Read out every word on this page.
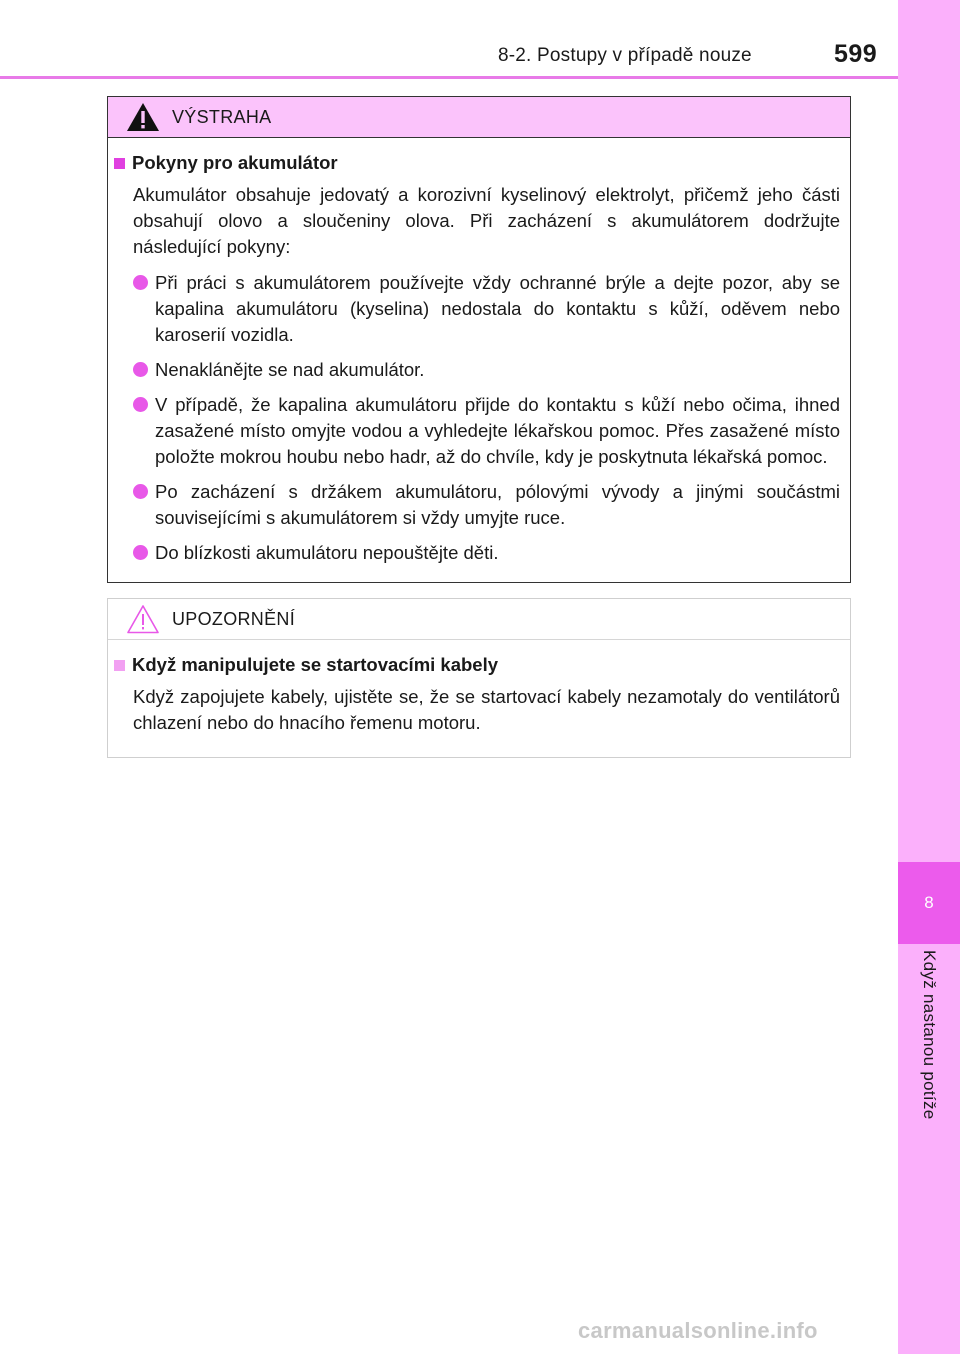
8
Když nastanou potíže
8-2. Postupy v případě nouze	599
VÝSTRAHA
Pokyny pro akumulátor
Akumulátor obsahuje jedovatý a korozivní kyselinový elektrolyt, přičemž jeho části obsahují olovo a sloučeniny olova. Při zacházení s akumulátorem dodržujte následující pokyny:
Při práci s akumulátorem používejte vždy ochranné brýle a dejte pozor, aby se kapalina akumulátoru (kyselina) nedostala do kontaktu s kůží, oděvem nebo karoserií vozidla.
Nenaklánějte se nad akumulátor.
V případě, že kapalina akumulátoru přijde do kontaktu s kůží nebo očima, ihned zasažené místo omyjte vodou a vyhledejte lékařskou pomoc. Přes zasažené místo položte mokrou houbu nebo hadr, až do chvíle, kdy je poskytnuta lékařská pomoc.
Po zacházení s držákem akumulátoru, pólovými vývody a jinými součástmi souvisejícími s akumulátorem si vždy umyjte ruce.
Do blízkosti akumulátoru nepouštějte děti.
UPOZORNĚNÍ
Když manipulujete se startovacími kabely
Když zapojujete kabely, ujistěte se, že se startovací kabely nezamotaly do ventilátorů chlazení nebo do hnacího řemenu motoru.
carmanualsonline.info
